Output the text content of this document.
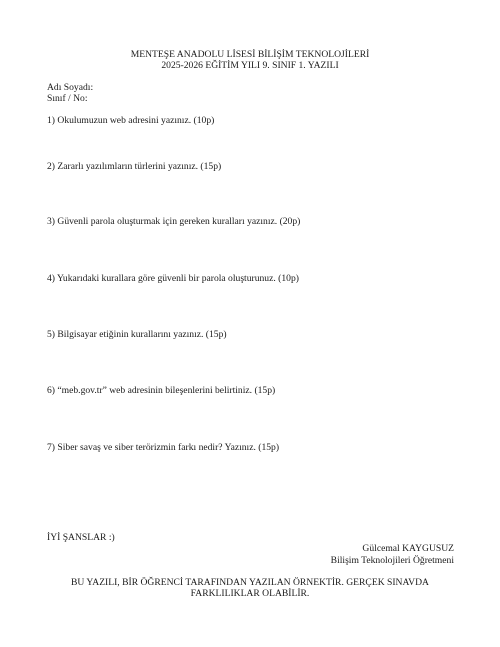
MENTEŞE ANADOLU LİSESİ BİLİŞİM TEKNOLOJİLERİ
2025-2026 EĞİTİM YILI 9. SINIF 1. YAZILI
Adı Soyadı:
Sınıf / No:
1) Okulumuzun web adresini yazınız. (10p)
2) Zararlı yazılımların türlerini yazınız. (15p)
3) Güvenli parola oluşturmak için gereken kuralları yazınız. (20p)
4) Yukarıdaki kurallara göre güvenli bir parola oluşturunuz. (10p)
5) Bilgisayar etiğinin kurallarını yazınız. (15p)
6) “meb.gov.tr” web adresinin bileşenlerini belirtiniz. (15p)
7) Siber savaş ve siber terörizmin farkı nedir? Yazınız. (15p)
İYİ ŞANSLAR :)
Gülcemal KAYGUSUZ
Bilişim Teknolojileri Öğretmeni
BU YAZILI, BİR ÖĞRENCİ TARAFINDAN YAZILAN ÖRNEKTİR. GERÇEK SINAVDA
FARKLILIKLAR OLABİLİR.
